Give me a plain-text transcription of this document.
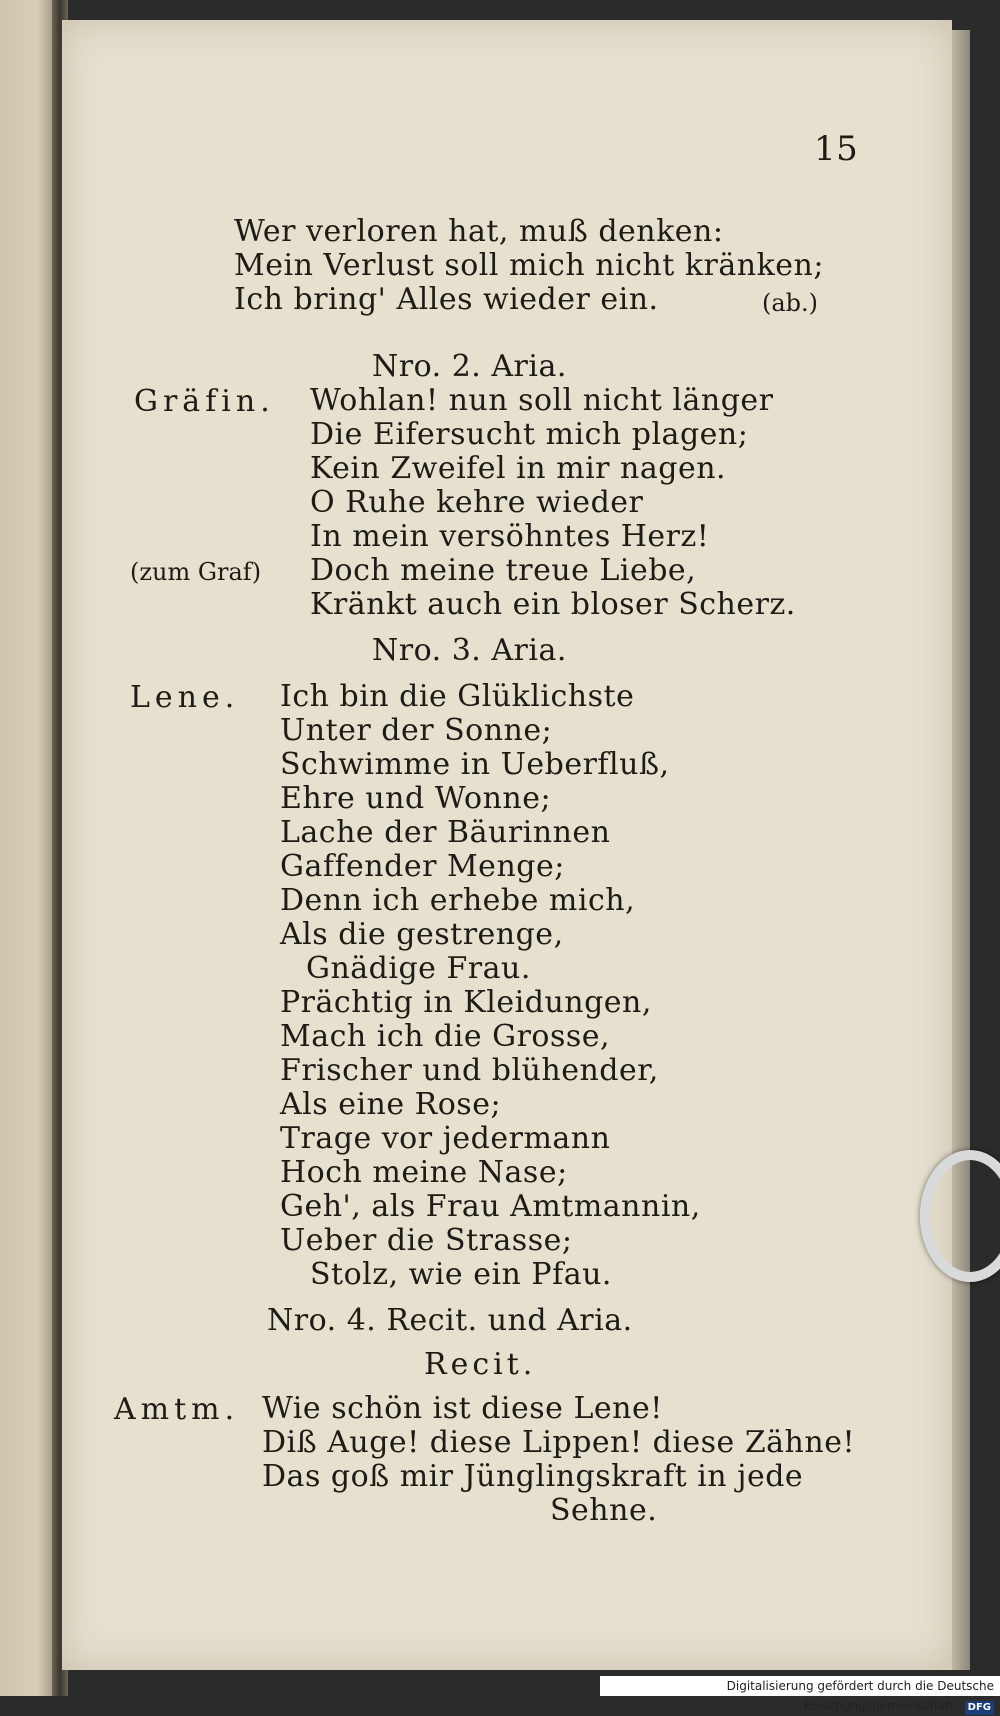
15
Wer verloren hat, muß denken:
Mein Verlust soll mich nicht kränken;
Ich bring' Alles wieder ein.	(ab.)
Nro. 2. Aria.
Gräfin. Wohlan! nun soll nicht länger
Die Eifersucht mich plagen;
Kein Zweifel in mir nagen.
O Ruhe kehre wieder
In mein versöhntes Herz!
(zum Graf) Doch meine treue Liebe,
Kränkt auch ein bloser Scherz.
Nro. 3. Aria.
Lene. Ich bin die Glüklichste
Unter der Sonne;
Schwimme in Ueberfluß,
Ehre und Wonne;
Lache der Bäurinnen
Gaffender Menge;
Denn ich erhebe mich,
Als die gestrenge,
Gnädige Frau.
Prächtig in Kleidungen,
Mach ich die Grosse,
Frischer und blühender,
Als eine Rose;
Trage vor jedermann
Hoch meine Nase;
Geh', als Frau Amtmannin,
Ueber die Strasse;
Stolz, wie ein Pfau.
Nro. 4. Recit. und Aria.
Recit.
Amtm. Wie schön ist diese Lene!
Diß Auge! diese Lippen! diese Zähne!
Das goß mir Jünglingskraft in jede
Sehne.
Digitalisierung gefördert durch die Deutsche Forschungsgemeinschaft - DFG
